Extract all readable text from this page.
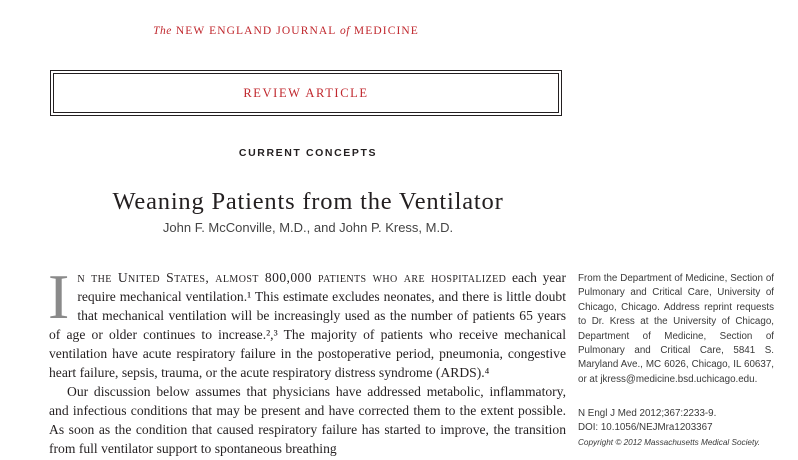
The NEW ENGLAND JOURNAL of MEDICINE
REVIEW ARTICLE
CURRENT CONCEPTS
Weaning Patients from the Ventilator
John F. McConville, M.D., and John P. Kress, M.D.

In the United States, almost 800,000 patients who are hospitalized each year require mechanical ventilation.¹ This estimate excludes neonates, and there is little doubt that mechanical ventilation will be increasingly used as the number of patients 65 years of age or older continues to increase.²,³ The majority of patients who receive mechanical ventilation have acute respiratory failure in the postoperative period, pneumonia, congestive heart failure, sepsis, trauma, or the acute respiratory distress syndrome (ARDS).⁴

Our discussion below assumes that physicians have addressed metabolic, inflammatory, and infectious conditions that may be present and have corrected them to the extent possible. As soon as the condition that caused respiratory failure has started to improve, the transition from full ventilator support to spontaneous breathing

From the Department of Medicine, Section of Pulmonary and Critical Care, University of Chicago, Chicago. Address reprint requests to Dr. Kress at the University of Chicago, Department of Medicine, Section of Pulmonary and Critical Care, 5841 S. Maryland Ave., MC 6026, Chicago, IL 60637, or at jkress@medicine.bsd.uchicago.edu.

N Engl J Med 2012;367:2233-9.
DOI: 10.1056/NEJMra1203367
Copyright © 2012 Massachusetts Medical Society.
